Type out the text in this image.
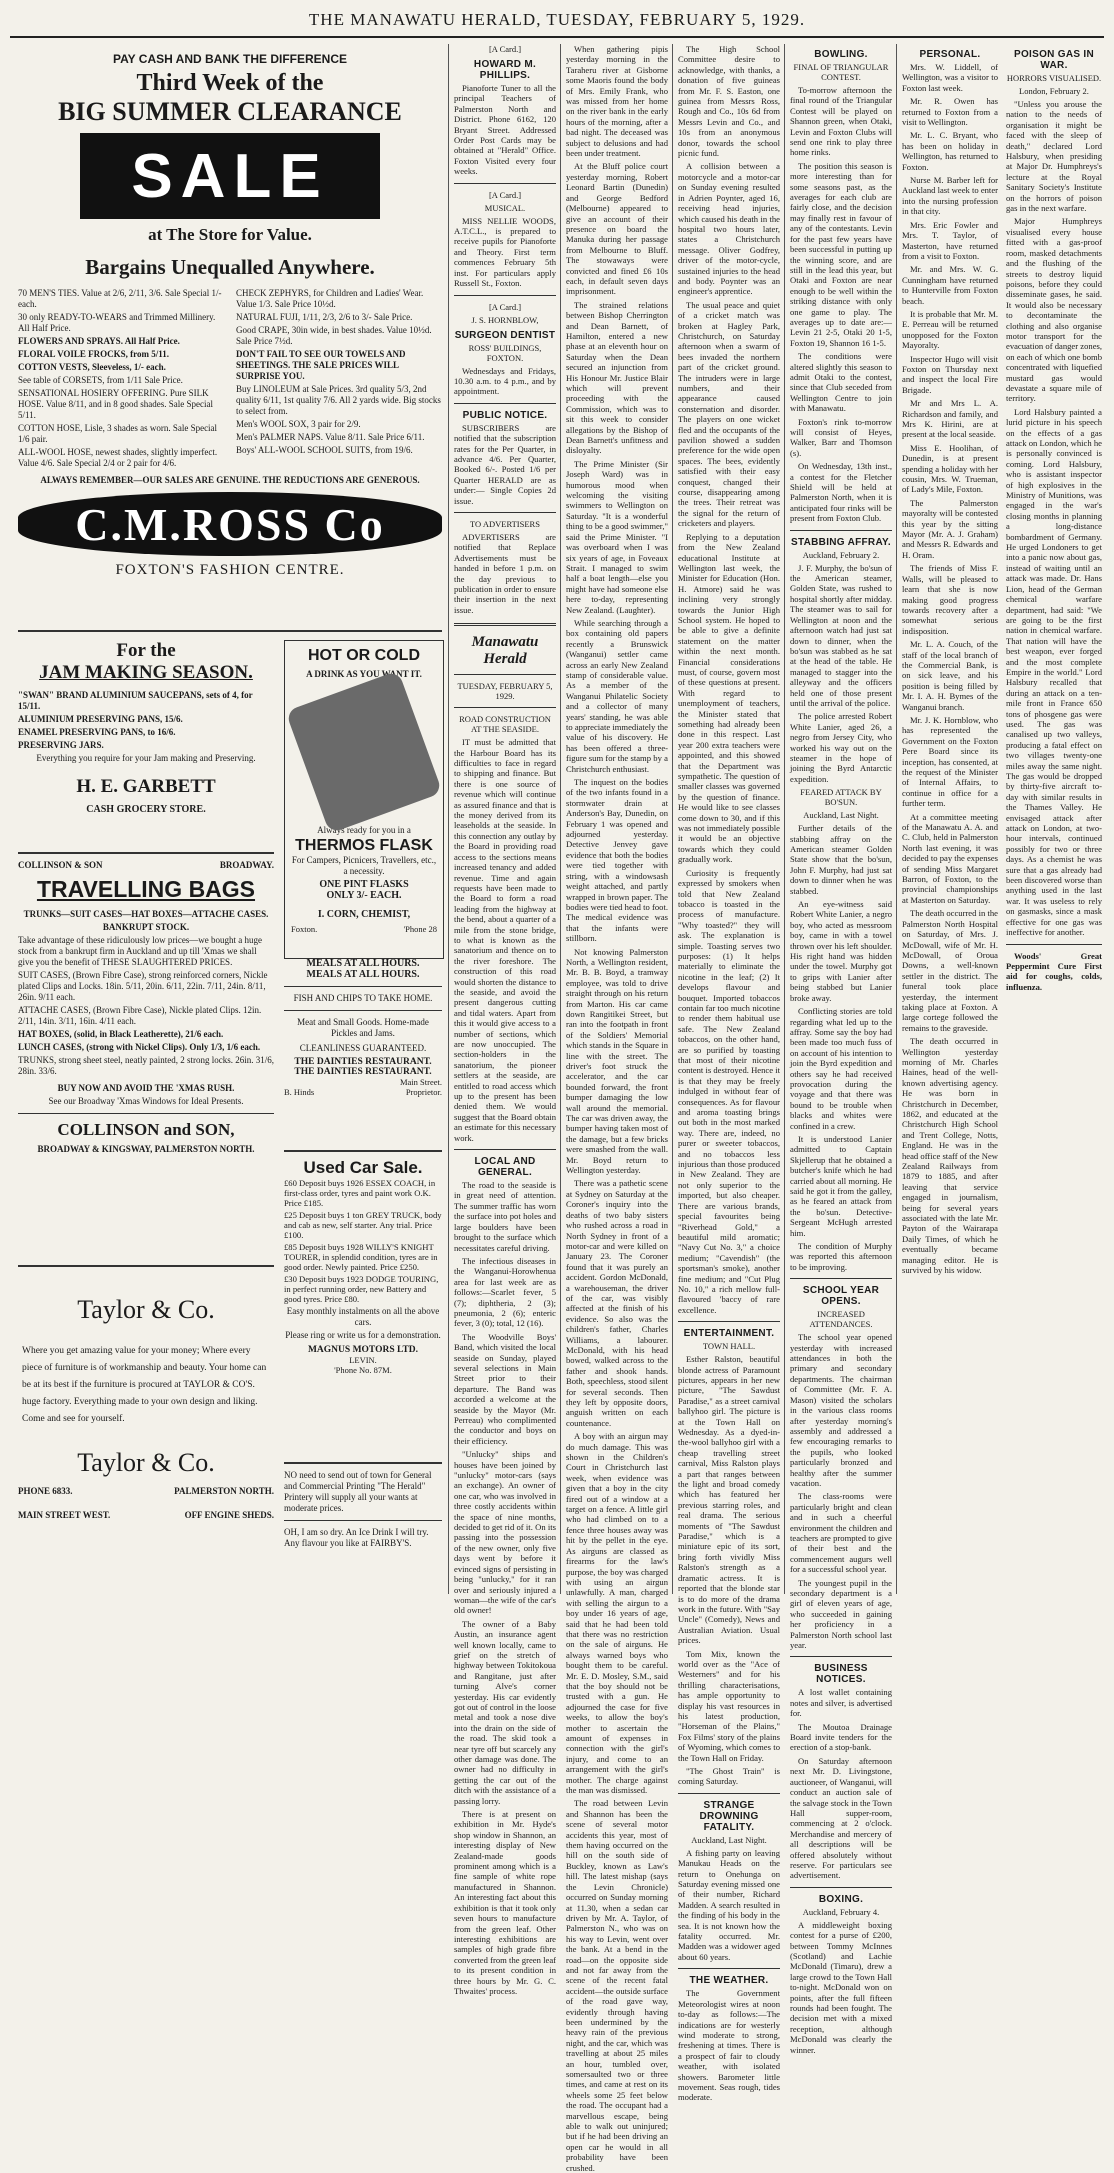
THE MANAWATU HERALD, TUESDAY, FEBRUARY 5, 1929.
PAY CASH AND BANK THE DIFFERENCE
Third Week of the
BIG SUMMER CLEARANCE
SALE
at The Store for Value.
Bargains Unequalled Anywhere.

70 MEN'S TIES. Value at 2/6, 2/11, 3/6. Sale Special 1/- each.

30 only READY-TO-WEARS and Trimmed Millinery. All Half Price.

FLOWERS AND SPRAYS. All Half Price.

FLORAL VOILE FROCKS, from 5/11.

COTTON VESTS, Sleeveless, 1/- each.

See table of CORSETS, from 1/11 Sale Price.

SENSATIONAL HOSIERY OFFERING. Pure SILK HOSE. Value 8/11, and in 8 good shades. Sale Special 5/11.

COTTON HOSE, Lisle, 3 shades as worn. Sale Special 1/6 pair.

ALL-WOOL HOSE, newest shades, slightly imperfect. Value 4/6. Sale Special 2/4 or 2 pair for 4/6.

CHECK ZEPHYRS, for Children and Ladies' Wear. Value 1/3. Sale Price 10½d.

NATURAL FUJI, 1/11, 2/3, 2/6 to 3/- Sale Price.

Good CRAPE, 30in wide, in best shades. Value 10½d. Sale Price 7½d.

DON'T FAIL TO SEE OUR TOWELS AND SHEETINGS. THE SALE PRICES WILL SURPRISE YOU.

Buy LINOLEUM at Sale Prices. 3rd quality 5/3, 2nd quality 6/11, 1st quality 7/6. All 2 yards wide. Big stocks to select from.

Men's WOOL SOX, 3 pair for 2/9.

Men's PALMER NAPS. Value 8/11. Sale Price 6/11.

Boys' ALL-WOOL SCHOOL SUITS, from 19/6.

ALWAYS REMEMBER—OUR SALES ARE GENUINE. THE REDUCTIONS ARE GENEROUS.

C.M.ROSS Co
FOXTON'S FASHION CENTRE.
For the
JAM MAKING SEASON.

"SWAN" BRAND ALUMINIUM SAUCEPANS, sets of 4, for 15/11.

ALUMINIUM PRESERVING PANS, 15/6.

ENAMEL PRESERVING PANS, to 16/6.

PRESERVING JARS.

Everything you require for your Jam making and Preserving.

H. E. GARBETT
CASH GROCERY STORE.
COLLINSON & SON	BROADWAY.
TRAVELLING BAGS

TRUNKS—SUIT CASES—HAT BOXES—ATTACHE CASES.

BANKRUPT STOCK.

Take advantage of these ridiculously low prices—we bought a huge stock from a bankrupt firm in Auckland and up till 'Xmas we shall give you the benefit of THESE SLAUGHTERED PRICES.

SUIT CASES, (Brown Fibre Case), strong reinforced corners, Nickle plated Clips and Locks. 18in. 5/11, 20in. 6/11, 22in. 7/11, 24in. 8/11, 26in. 9/11 each.

ATTACHE CASES, (Brown Fibre Case), Nickle plated Clips. 12in. 2/11, 14in. 3/11, 16in. 4/11 each.

HAT BOXES, (solid, in Black Leatherette), 21/6 each.

LUNCH CASES, (strong with Nickel Clips). Only 1/3, 1/6 each.

TRUNKS, strong sheet steel, neatly painted, 2 strong locks. 26in. 31/6, 28in. 33/6.

BUY NOW AND AVOID THE 'XMAS RUSH.

See our Broadway 'Xmas Windows for Ideal Presents.

COLLINSON and SON,
BROADWAY & KINGSWAY, PALMERSTON NORTH.
Taylor & Co.

Where you get amazing value for your money; Where every piece of furniture is of workmanship and beauty. Your home can be at its best if the furniture is procured at TAYLOR & CO'S. huge factory. Everything made to your own design and liking. Come and see for yourself.

Taylor & Co.
PHONE 6833.	PALMERSTON NORTH.
MAIN STREET WEST.	OFF ENGINE SHEDS.
HOT OR COLD
A DRINK AS YOU WANT IT.
Always ready for you in a
THERMOS FLASK

For Campers, Picnicers, Travellers, etc., a necessity.

ONE PINT FLASKS
ONLY 3/- EACH.
I. CORN, CHEMIST,
Foxton.	'Phone 28
MEALS AT ALL HOURS.
MEALS AT ALL HOURS.

FISH AND CHIPS TO TAKE HOME.

Meat and Small Goods. Home-made Pickles and Jams.

CLEANLINESS GUARANTEED.
THE DAINTIES RESTAURANT.
THE DAINTIES RESTAURANT.
Main Street.
B. Hinds	Proprietor.
Used Car Sale.

£60 Deposit buys 1926 ESSEX COACH, in first-class order, tyres and paint work O.K. Price £185.

£25 Deposit buys 1 ton GREY TRUCK, body and cab as new, self starter. Any trial. Price £100.

£85 Deposit buys 1928 WILLY'S KNIGHT TOURER, in splendid condition, tyres are in good order. Newly painted. Price £250.

£30 Deposit buys 1923 DODGE TOURING, in perfect running order, new Battery and good tyres. Price £80.

Easy monthly instalments on all the above cars.

Please ring or write us for a demonstration.

MAGNUS MOTORS LTD.
LEVIN.
'Phone No. 87M.

NO need to send out of town for General and Commercial Printing "The Herald" Printery will supply all your wants at moderate prices.

OH, I am so dry. An Ice Drink I will try. Any flavour you like at FAIRBY'S.

[A Card.]
HOWARD M. PHILLIPS.

Pianoforte Tuner to all the principal Teachers of Palmerston North and District. Phone 6162, 120 Bryant Street. Addressed Order Post Cards may be obtained at "Herald" Office. Foxton Visited every four weeks.

[A Card.]
MUSICAL.

MISS NELLIE WOODS, A.T.C.L., is prepared to receive pupils for Pianoforte and Theory. First term commences February 5th inst. For particulars apply Russell St., Foxton.

[A Card.]
J. S. HORNBLOW,
SURGEON DENTIST
ROSS' BUILDINGS, FOXTON.

Wednesdays and Fridays, 10.30 a.m. to 4 p.m., and by appointment.

PUBLIC NOTICE.

SUBSCRIBERS are notified that the subscription rates for the Per Quarter, in advance 4/6. Per Quarter, Booked 6/-. Posted 1/6 per Quarter HERALD are as under:— Single Copies 2d issue.

TO ADVERTISERS

ADVERTISERS are notified that Replace Advertisements must be handed in before 1 p.m. on the day previous to publication in order to ensure their insertion in the next issue.

Manawatu Herald
TUESDAY, FEBRUARY 5, 1929.
ROAD CONSTRUCTION AT THE SEASIDE.

IT must be admitted that the Harbour Board has its difficulties to face in regard to shipping and finance. But there is one source of revenue which will continue as assured finance and that is the money derived from its leaseholds at the seaside. In this connection any outlay by the Board in providing road access to the sections means increased tenancy and added revenue. Time and again requests have been made to the Board to form a road leading from the highway at the bend, about a quarter of a mile from the stone bridge, to what is known as the sanatorium and thence on to the river foreshore. The construction of this road would shorten the distance to the seaside, and avoid the present dangerous cutting and tidal waters. Apart from this it would give access to a number of sections, which are now unoccupied. The section-holders in the sanatorium, the pioneer settlers at the seaside, are entitled to road access which up to the present has been denied them. We would suggest that the Board obtain an estimate for this necessary work.

LOCAL AND GENERAL.

The road to the seaside is in great need of attention. The summer traffic has worn the surface into pot holes and large boulders have been brought to the surface which necessitates careful driving.

The infectious diseases in the Wanganui-Horowhenua area for last week are as follows:—Scarlet fever, 5 (7); diphtheria, 2 (3); pneumonia, 2 (6); enteric fever, 3 (0); total, 12 (16).

The Woodville Boys' Band, which visited the local seaside on Sunday, played several selections in Main Street prior to their departure. The Band was accorded a welcome at the seaside by the Mayor (Mr. Perreau) who complimented the conductor and boys on their efficiency.

"Unlucky" ships and houses have been joined by "unlucky" motor-cars (says an exchange). An owner of one car, who was involved in three costly accidents within the space of nine months, decided to get rid of it. On its passing into the possession of the new owner, only five days went by before it evinced signs of persisting in being "unlucky," for it ran over and seriously injured a woman—the wife of the car's old owner!

The owner of a Baby Austin, an insurance agent well known locally, came to grief on the stretch of highway between Tokitokoua and Rangitane, just after turning Alve's corner yesterday. His car evidently got out of control in the loose metal and took a nose dive into the drain on the side of the road. The skid took a near tyre off but scarcely any other damage was done. The owner had no difficulty in getting the car out of the ditch with the assistance of a passing lorry.

There is at present on exhibition in Mr. Hyde's shop window in Shannon, an interesting display of New Zealand-made goods prominent among which is a fine sample of white rope manufactured in Shannon. An interesting fact about this exhibition is that it took only seven hours to manufacture from the green leaf. Other interesting exhibitions are samples of high grade fibre converted from the green leaf to its present condition in three hours by Mr. G. C. Thwaites' process.

When gathering pipis yesterday morning in the Taraheru river at Gisborne some Maoris found the body of Mrs. Emily Frank, who was missed from her home on the river bank in the early hours of the morning, after a bad night. The deceased was subject to delusions and had been under treatment.

At the Bluff police court yesterday morning, Robert Leonard Bartin (Dunedin) and George Bedford (Melbourne) appeared to give an account of their presence on board the Manuka during her passage from Melbourne to Bluff. The stowaways were convicted and fined £6 10s each, in default seven days imprisonment.

The strained relations between Bishop Cherrington and Dean Barnett, of Hamilton, entered a new phase at an eleventh hour on Saturday when the Dean secured an injunction from His Honour Mr. Justice Blair which will prevent proceeding with the Commission, which was to sit this week to consider allegations by the Bishop of Dean Barnett's unfitness and disloyalty.

The Prime Minister (Sir Joseph Ward) was in humorous mood when welcoming the visiting swimmers to Wellington on Saturday. "It is a wonderful thing to be a good swimmer," said the Prime Minister. "I was overboard when I was six years of age, in Foveaux Strait. I managed to swim half a boat length—else you might have had someone else here to-day, representing New Zealand. (Laughter).

While searching through a box containing old papers recently a Brunswick (Wanganui) settler came across an early New Zealand stamp of considerable value. As a member of the Wanganui Philatelic Society and a collector of many years' standing, he was able to appreciate immediately the value of his discovery. He has been offered a three-figure sum for the stamp by a Christchurch enthusiast.

The inquest on the bodies of the two infants found in a stormwater drain at Anderson's Bay, Dunedin, on February 1 was opened and adjourned yesterday. Detective Jenvey gave evidence that both the bodies were tied together with string, with a windowsash weight attached, and partly wrapped in brown paper. The bodies were tied head to foot. The medical evidence was that the infants were stillborn.

Not knowing Palmerston North, a Wellington resident, Mr. B. B. Boyd, a tramway employee, was told to drive straight through on his return from Marton. His car came down Rangitikei Street, but ran into the footpath in front of the Soldiers' Memorial which stands in the Square in line with the street. The driver's foot struck the accelerator, and the car bounded forward, the front bumper damaging the low wall around the memorial. The car was driven away, the bumper having taken most of the damage, but a few bricks were smashed from the wall. Mr. Boyd return to Wellington yesterday.

There was a pathetic scene at Sydney on Saturday at the Coroner's inquiry into the deaths of two baby sisters who rushed across a road in North Sydney in front of a motor-car and were killed on January 23. The Coroner found that it was purely an accident. Gordon McDonald, a warehouseman, the driver of the car, was visibly affected at the finish of his evidence. So also was the children's father, Charles Williams, a labourer. McDonald, with his head bowed, walked across to the father and shook hands. Both, speechless, stood silent for several seconds. Then they left by opposite doors, anguish written on each countenance.

A boy with an airgun may do much damage. This was shown in the Children's Court in Christchurch last week, when evidence was given that a boy in the city fired out of a window at a target on a fence. A little girl who had climbed on to a fence three houses away was hit by the pellet in the eye. As airguns are classed as firearms for the law's purpose, the boy was charged with using an airgun unlawfully. A man, charged with selling the airgun to a boy under 16 years of age, said that he had been told that there was no restriction on the sale of airguns. He always warned boys who bought them to be careful. Mr. E. D. Mosley, S.M., said that the boy should not be trusted with a gun. He adjourned the case for five weeks, to allow the boy's mother to ascertain the amount of expenses in connection with the girl's injury, and come to an arrangement with the girl's mother. The charge against the man was dismissed.

The road between Levin and Shannon has been the scene of several motor accidents this year, most of them having occurred on the hill on the south side of Buckley, known as Law's hill. The latest mishap (says the Levin Chronicle) occurred on Sunday morning at 11.30, when a sedan car driven by Mr. A. Taylor, of Palmerston N., who was on his way to Levin, went over the bank. At a bend in the road—on the opposite side and not far away from the scene of the recent fatal accident—the outside surface of the road gave way, evidently through having been undermined by the heavy rain of the previous night, and the car, which was travelling at about 25 miles an hour, tumbled over, somersaulted two or three times, and came at rest on its wheels some 25 feet below the road. The occupant had a marvellous escape, being able to walk out uninjured; but if he had been driving an open car he would in all probability have been crushed.

The High School Committee desire to acknowledge, with thanks, a donation of five guineas from Mr. F. S. Easton, one guinea from Messrs Ross, Rough and Co., 10s 6d from Messrs Levin and Co., and 10s from an anonymous donor, towards the school picnic fund.

A collision between a motorcycle and a motor-car on Sunday evening resulted in Adrien Poynter, aged 16, receiving head injuries, which caused his death in the hospital two hours later, states a Christchurch message. Oliver Godfrey, driver of the motor-cycle, sustained injuries to the head and body. Poynter was an engineer's apprentice.

The usual peace and quiet of a cricket match was broken at Hagley Park, Christchurch, on Saturday afternoon when a swarm of bees invaded the northern part of the cricket ground. The intruders were in large numbers, and their appearance caused consternation and disorder. The players on one wicket fled and the occupants of the pavilion showed a sudden preference for the wide open spaces. The bees, evidently satisfied with their easy conquest, changed their course, disappearing among the trees. Their retreat was the signal for the return of cricketers and players.

Replying to a deputation from the New Zealand educational Institute at Wellington last week, the Minister for Education (Hon. H. Atmore) said he was inclining very strongly towards the Junior High School system. He hoped to be able to give a definite statement on the matter within the next month. Financial considerations must, of course, govern most of these questions at present. With regard to unemployment of teachers, the Minister stated that something had already been done in this respect. Last year 200 extra teachers were appointed, and this showed that the Department was sympathetic. The question of smaller classes was governed by the question of finance. He would like to see classes come down to 30, and if this was not immediately possible it would be an objective towards which they could gradually work.

Curiosity is frequently expressed by smokers when told that New Zealand tobacco is toasted in the process of manufacture. "Why toasted?" they will ask. The explanation is simple. Toasting serves two purposes: (1) It helps materially to eliminate the nicotine in the leaf; (2) It develops flavour and bouquet. Imported tobaccos contain far too much nicotine to render them habitual use safe. The New Zealand tobaccos, on the other hand, are so purified by toasting that most of their nicotine content is destroyed. Hence it is that they may be freely indulged in without fear of consequences. As for flavour and aroma toasting brings out both in the most marked way. There are, indeed, no purer or sweeter tobaccos, and no tobaccos less injurious than those produced in New Zealand. They are not only superior to the imported, but also cheaper. There are various brands, special favourites being "Riverhead Gold," a beautiful mild aromatic; "Navy Cut No. 3," a choice medium; "Cavendish" (the sportsman's smoke), another fine medium; and "Cut Plug No. 10," a rich mellow full-flavoured 'baccy of rare excellence.

ENTERTAINMENT.
TOWN HALL.

Esther Ralston, beautiful blonde actress of Paramount pictures, appears in her new picture, "The Sawdust Paradise," as a street carnival ballyhoo girl. The picture is at the Town Hall on Wednesday. As a dyed-in-the-wool ballyhoo girl with a cheap travelling street carnival, Miss Ralston plays a part that ranges between the light and broad comedy which has featured her previous starring roles, and real drama. The serious moments of "The Sawdust Paradise," which is a miniature epic of its sort, bring forth vividly Miss Ralston's strength as a dramatic actress. It is reported that the blonde star is to do more of the drama work in the future. With "Say Uncle" (Comedy), News and Australian Aviation. Usual prices.

Tom Mix, known the world over as the "Ace of Westerners" and for his thrilling characterisations, has ample opportunity to display his vast resources in his latest production, "Horseman of the Plains," Fox Films' story of the plains of Wyoming, which comes to the Town Hall on Friday.

"The Ghost Train" is coming Saturday.

STRANGE DROWNING FATALITY.
Auckland, Last Night.

A fishing party on leaving Manukau Heads on the return to Onehunga on Saturday evening missed one of their number, Richard Madden. A search resulted in the finding of his body in the sea. It is not known how the fatality occurred. Mr. Madden was a widower aged about 60 years.

THE WEATHER.

The Government Meteorologist wires at noon to-day as follows:—The indications are for westerly wind moderate to strong, freshening at times. There is a prospect of fair to cloudy weather, with isolated showers. Barometer little movement. Seas rough, tides moderate.

BOWLING.
FINAL OF TRIANGULAR CONTEST.

To-morrow afternoon the final round of the Triangular Contest will be played on Shannon green, when Otaki, Levin and Foxton Clubs will send one rink to play three home rinks.

The position this season is more interesting than for some seasons past, as the averages for each club are fairly close, and the decision may finally rest in favour of any of the contestants. Levin for the past few years have been successful in putting up the winning score, and are still in the lead this year, but Otaki and Foxton are near enough to be well within the striking distance with only one game to play. The averages up to date are:—Levin 21 2-5, Otaki 20 1-5, Foxton 19, Shannon 16 1-5.

The conditions were altered slightly this season to admit Otaki to the contest, since that Club seceded from Wellington Centre to join with Manawatu.

Foxton's rink to-morrow will consist of Heyes, Walker, Barr and Thomson (s).

On Wednesday, 13th inst., a contest for the Fletcher Shield will be held at Palmerston North, when it is anticipated four rinks will be present from Foxton Club.

STABBING AFFRAY.
Auckland, February 2.

J. F. Murphy, the bo'sun of the American steamer, Golden State, was rushed to hospital shortly after midday. The steamer was to sail for Wellington at noon and the afternoon watch had just sat down to dinner, when the bo'sun was stabbed as he sat at the head of the table. He managed to stagger into the alleyway and the officers held one of those present until the arrival of the police.

The police arrested Robert White Lanier, aged 26, a negro from Jersey City, who worked his way out on the steamer in the hope of joining the Byrd Antarctic expedition.

FEARED ATTACK BY BO'SUN.
Auckland, Last Night.

Further details of the stabbing affray on the American steamer Golden State show that the bo'sun, John F. Murphy, had just sat down to dinner when he was stabbed.

An eye-witness said Robert White Lanier, a negro boy, who acted as messroom boy, came in with a towel thrown over his left shoulder. His right hand was hidden under the towel. Murphy got to grips with Lanier after being stabbed but Lanier broke away.

Conflicting stories are told regarding what led up to the affray. Some say the boy had been made too much fuss of on account of his intention to join the Byrd expedition and others say he had received provocation during the voyage and that there was bound to be trouble when blacks and whites were confined in a crew.

It is understood Lanier admitted to Captain Skjellerup that he obtained a butcher's knife which he had carried about all morning. He said he got it from the galley, as he feared an attack from the bo'sun. Detective-Sergeant McHugh arrested him.

The condition of Murphy was reported this afternoon to be improving.

SCHOOL YEAR OPENS.
INCREASED ATTENDANCES.

The school year opened yesterday with increased attendances in both the primary and secondary departments. The chairman of Committee (Mr. F. A. Mason) visited the scholars in the various class rooms after yesterday morning's assembly and addressed a few encouraging remarks to the pupils, who looked particularly bronzed and healthy after the summer vacation.

The class-rooms were particularly bright and clean and in such a cheerful environment the children and teachers are prompted to give of their best and the commencement augurs well for a successful school year.

The youngest pupil in the secondary department is a girl of eleven years of age, who succeeded in gaining her proficiency in a Palmerston North school last year.

BUSINESS NOTICES.

A lost wallet containing notes and silver, is advertised for.

The Moutoa Drainage Board invite tenders for the erection of a stop-bank.

On Saturday afternoon next Mr. D. Livingstone, auctioneer, of Wanganui, will conduct an auction sale of the salvage stock in the Town Hall supper-room, commencing at 2 o'clock. Merchandise and mercery of all descriptions will be offered absolutely without reserve. For particulars see advertisement.

BOXING.
Auckland, February 4.

A middleweight boxing contest for a purse of £200, between Tommy McInnes (Scotland) and Lachie McDonald (Timaru), drew a large crowd to the Town Hall to-night. McDonald won on points, after the full fifteen rounds had been fought. The decision met with a mixed reception, although McDonald was clearly the winner.

PERSONAL.

Mrs. W. Liddell, of Wellington, was a visitor to Foxton last week.

Mr. R. Owen has returned to Foxton from a visit to Wellington.

Mr. L. C. Bryant, who has been on holiday in Wellington, has returned to Foxton.

Nurse M. Barber left for Auckland last week to enter into the nursing profession in that city.

Mrs. Eric Fowler and Mrs. T. Taylor, of Masterton, have returned from a visit to Foxton.

Mr. and Mrs. W. G. Cunningham have returned to Hunterville from Foxton beach.

It is probable that Mr. M. E. Perreau will be returned unopposed for the Foxton Mayoralty.

Inspector Hugo will visit Foxton on Thursday next and inspect the local Fire Brigade.

Mr and Mrs L. A. Richardson and family, and Mrs K. Hirini, are at present at the local seaside.

Miss E. Hoolihan, of Dunedin, is at present spending a holiday with her cousin, Mrs. W. Trueman, of Lady's Mile, Foxton.

The Palmerston mayoralty will be contested this year by the sitting Mayor (Mr. A. J. Graham) and Messrs R. Edwards and H. Oram.

The friends of Miss F. Walls, will be pleased to learn that she is now making good progress towards recovery after a somewhat serious indisposition.

Mr. L. A. Couch, of the staff of the local branch of the Commercial Bank, is on sick leave, and his position is being filled by Mr. I. A. H. Bymes of the Wanganui branch.

Mr. J. K. Hornblow, who has represented the Government on the Foxton Pere Board since its inception, has consented, at the request of the Minister of Internal Affairs, to continue in office for a further term.

At a committee meeting of the Manawatu A. A. and C. Club, held in Palmerston North last evening, it was decided to pay the expenses of sending Miss Margaret Barron, of Foxton, to the provincial championships at Masterton on Saturday.

The death occurred in the Palmerston North Hospital on Saturday, of Mrs. J. McDowall, wife of Mr. H. McDowall, of Oroua Downs, a well-known settler in the district. The funeral took place yesterday, the interment taking place at Foxton. A large cortege followed the remains to the graveside.

The death occurred in Wellington yesterday morning of Mr. Charles Haines, head of the well-known advertising agency. He was born in Christchurch in December, 1862, and educated at the Christchurch High School and Trent College, Notts, England. He was in the head office staff of the New Zealand Railways from 1879 to 1885, and after leaving that service engaged in journalism, being for several years associated with the late Mr. Payton of the Wairarapa Daily Times, of which he eventually became managing editor. He is survived by his widow.

POISON GAS IN WAR.
HORRORS VISUALISED.
London, February 2.

"Unless you arouse the nation to the needs of organisation it might be faced with the sleep of death," declared Lord Halsbury, when presiding at Major Dr. Humphreys's lecture at the Royal Sanitary Society's Institute on the horrors of poison gas in the next warfare.

Major Humphreys visualised every house fitted with a gas-proof room, masked detachments and the flushing of the streets to destroy liquid poisons, before they could disseminate gases, he said. It would also be necessary to decontaminate the clothing and also organise motor transport for the evacuation of danger zones, on each of which one bomb concentrated with liquefied mustard gas would devastate a square mile of territory.

Lord Halsbury painted a lurid picture in his speech on the effects of a gas attack on London, which he is personally convinced is coming. Lord Halsbury, who is assistant inspector of high explosives in the Ministry of Munitions, was engaged in the war's closing months in planning a long-distance bombardment of Germany. He urged Londoners to get into a panic now about gas, instead of waiting until an attack was made. Dr. Hans Lion, head of the German chemical warfare department, had said: "We are going to be the first nation in chemical warfare. That nation will have the best weapon, ever forged and the most complete Empire in the world." Lord Halsbury recalled that during an attack on a ten-mile front in France 650 tons of phosgene gas were used. The gas was canalised up two valleys, producing a fatal effect on two villages twenty-one miles away the same night. The gas would be dropped by thirty-five aircraft to-day with similar results in the Thames Valley. He envisaged attack after attack on London, at two-hour intervals, continued possibly for two or three days. As a chemist he was sure that a gas already had been discovered worse than anything used in the last war. It was useless to rely on gasmasks, since a mask effective for one gas was ineffective for another.

Woods' Great Peppermint Cure First aid for coughs, colds, influenza.
